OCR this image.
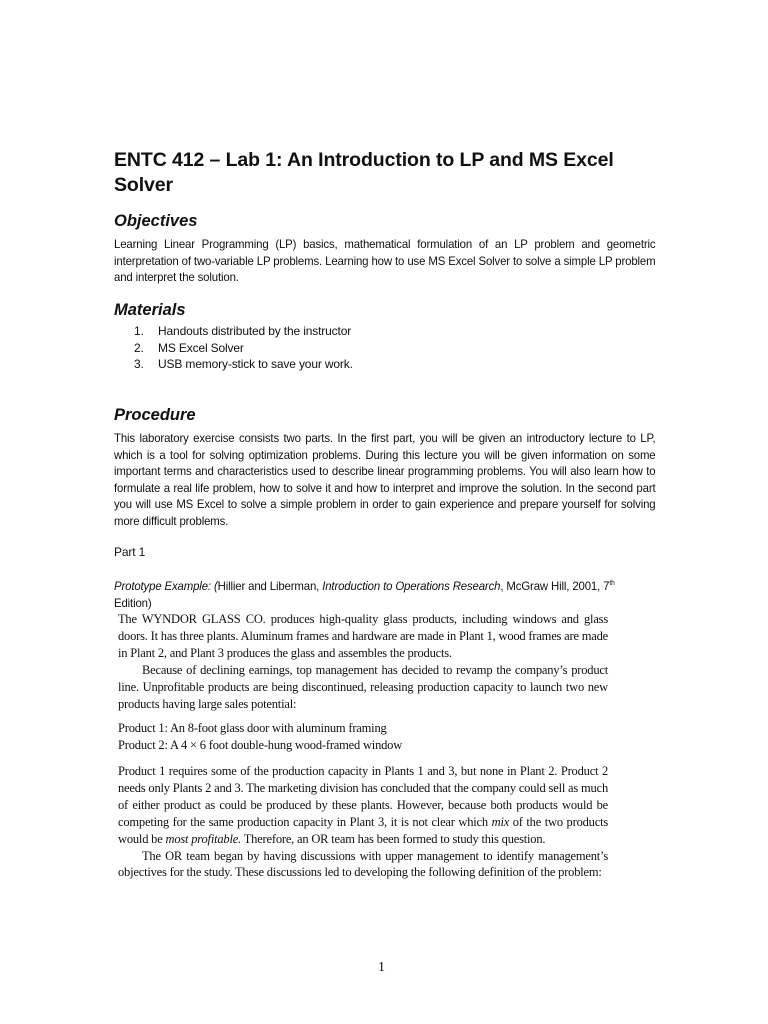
ENTC 412 – Lab 1: An Introduction to LP and MS Excel Solver
Objectives
Learning Linear Programming (LP) basics, mathematical formulation of an LP problem and geometric interpretation of two-variable LP problems. Learning how to use MS Excel Solver to solve a simple LP problem and interpret the solution.
Materials
1.	Handouts distributed by the instructor
2.	MS Excel Solver
3.	USB memory-stick to save your work.
Procedure
This laboratory exercise consists two parts. In the first part, you will be given an introductory lecture to LP, which is a tool for solving optimization problems. During this lecture you will be given information on some important terms and characteristics used to describe linear programming problems. You will also learn how to formulate a real life problem, how to solve it and how to interpret and improve the solution. In the second part you will use MS Excel to solve a simple problem in order to gain experience and prepare yourself for solving more difficult problems.
Part 1
Prototype Example: (Hillier and Liberman, Introduction to Operations Research, McGraw Hill, 2001, 7th
Edition)

The WYNDOR GLASS CO. produces high-quality glass products, including windows and glass doors. It has three plants. Aluminum frames and hardware are made in Plant 1, wood frames are made in Plant 2, and Plant 3 produces the glass and assembles the products.

Because of declining earnings, top management has decided to revamp the company’s product line. Unprofitable products are being discontinued, releasing production capacity to launch two new products having large sales potential:

Product 1: An 8-foot glass door with aluminum framing
Product 2: A 4 × 6 foot double-hung wood-framed window

Product 1 requires some of the production capacity in Plants 1 and 3, but none in Plant 2. Product 2 needs only Plants 2 and 3. The marketing division has concluded that the company could sell as much of either product as could be produced by these plants. However, because both products would be competing for the same production capacity in Plant 3, it is not clear which mix of the two products would be most profitable. Therefore, an OR team has been formed to study this question.

The OR team began by having discussions with upper management to identify management’s objectives for the study. These discussions led to developing the following definition of the problem:

1
